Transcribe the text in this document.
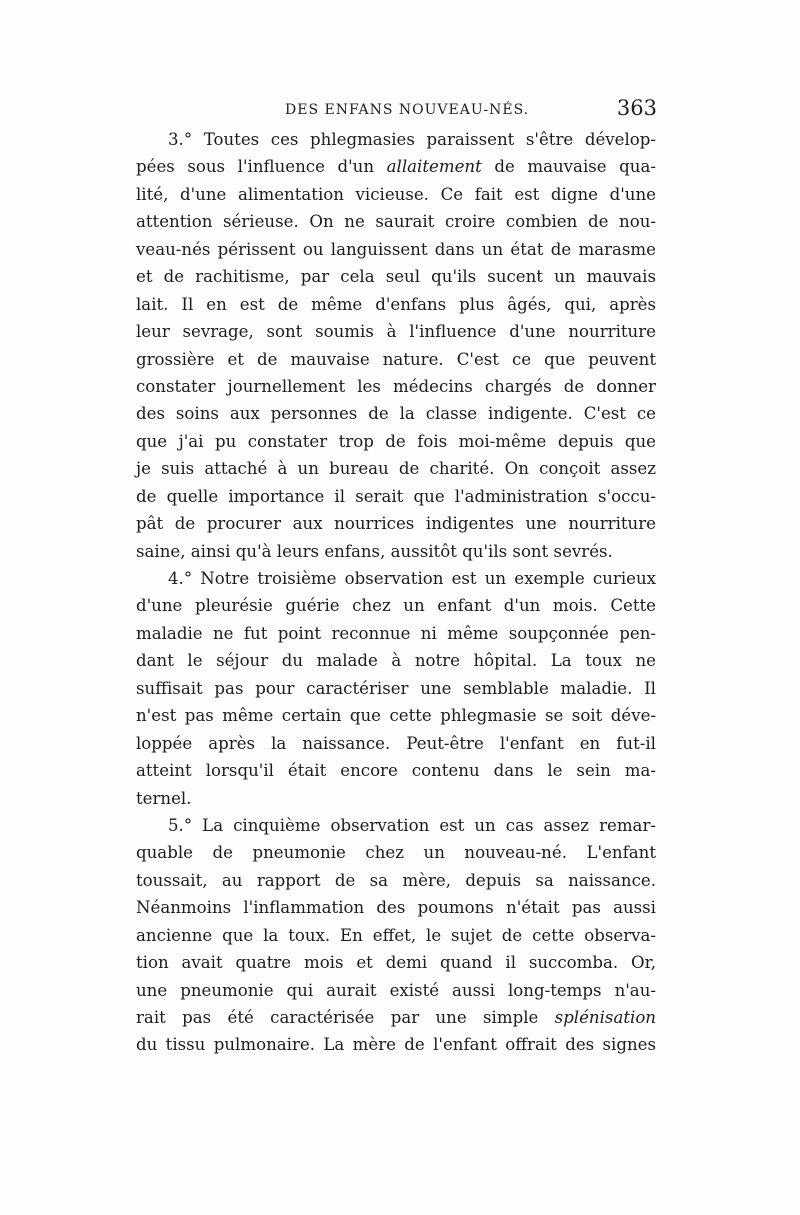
DES ENFANS NOUVEAU-NÉS.	363
3.° Toutes ces phlegmasies paraissent s'être dévelop-
pées sous l'influence d'un allaitement de mauvaise qua-
lité, d'une alimentation vicieuse. Ce fait est digne d'une
attention sérieuse. On ne saurait croire combien de nou-
veau-nés périssent ou languissent dans un état de marasme
et de rachitisme, par cela seul qu'ils sucent un mauvais
lait. Il en est de même d'enfans plus âgés, qui, après
leur sevrage, sont soumis à l'influence d'une nourriture
grossière et de mauvaise nature. C'est ce que peuvent
constater journellement les médecins chargés de donner
des soins aux personnes de la classe indigente. C'est ce
que j'ai pu constater trop de fois moi-même depuis que
je suis attaché à un bureau de charité. On conçoit assez
de quelle importance il serait que l'administration s'occu-
pât de procurer aux nourrices indigentes une nourriture
saine, ainsi qu'à leurs enfans, aussitôt qu'ils sont sevrés.
4.° Notre troisième observation est un exemple curieux
d'une pleurésie guérie chez un enfant d'un mois. Cette
maladie ne fut point reconnue ni même soupçonnée pen-
dant le séjour du malade à notre hôpital. La toux ne
suffisait pas pour caractériser une semblable maladie. Il
n'est pas même certain que cette phlegmasie se soit déve-
loppée après la naissance. Peut-être l'enfant en fut-il
atteint lorsqu'il était encore contenu dans le sein ma-
ternel.
5.° La cinquième observation est un cas assez remar-
quable de pneumonie chez un nouveau-né. L'enfant
toussait, au rapport de sa mère, depuis sa naissance.
Néanmoins l'inflammation des poumons n'était pas aussi
ancienne que la toux. En effet, le sujet de cette observa-
tion avait quatre mois et demi quand il succomba. Or,
une pneumonie qui aurait existé aussi long-temps n'au-
rait pas été caractérisée par une simple splénisation
du tissu pulmonaire. La mère de l'enfant offrait des signes
